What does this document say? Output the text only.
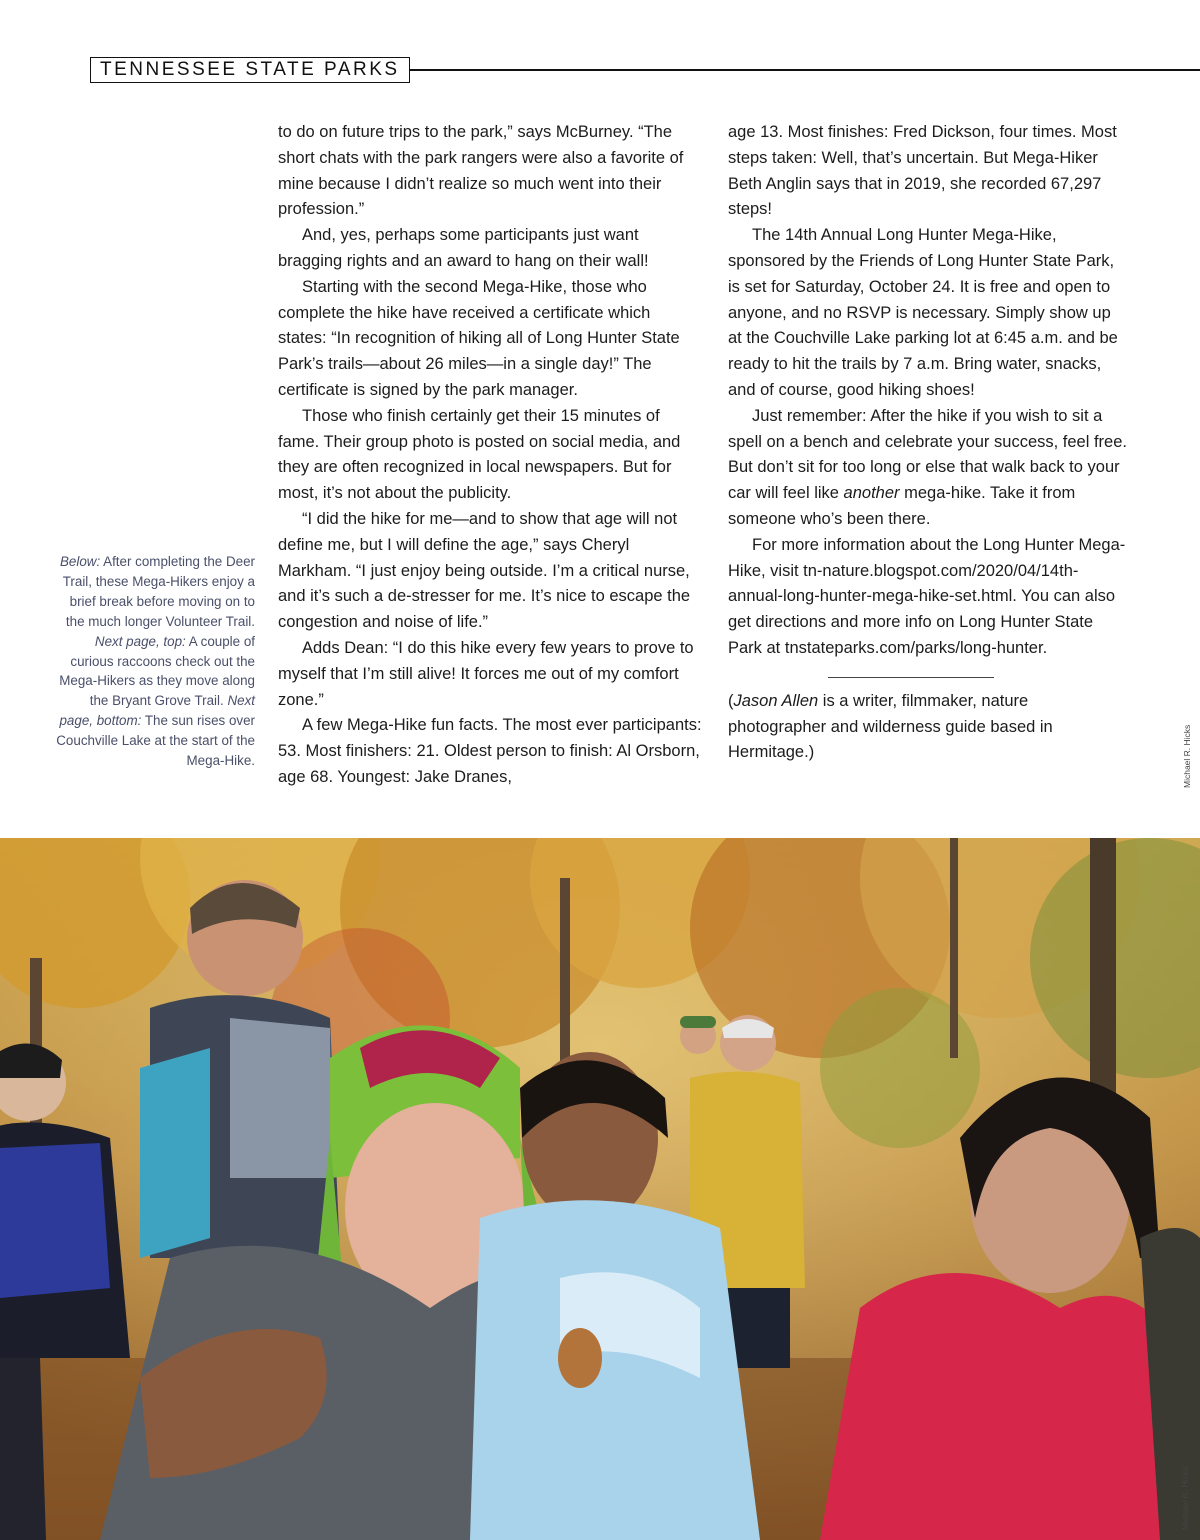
TENNESSEE STATE PARKS
Below: After completing the Deer Trail, these Mega-Hikers enjoy a brief break before moving on to the much longer Volunteer Trail. Next page, top: A couple of curious raccoons check out the Mega-Hikers as they move along the Bryant Grove Trail. Next page, bottom: The sun rises over Couchville Lake at the start of the Mega-Hike.

to do on future trips to the park,” says McBurney. “The short chats with the park rangers were also a favorite of mine because I didn’t realize so much went into their profession.”

And, yes, perhaps some participants just want bragging rights and an award to hang on their wall!

Starting with the second Mega-Hike, those who complete the hike have received a certificate which states: “In recognition of hiking all of Long Hunter State Park’s trails—about 26 miles—in a single day!” The certificate is signed by the park manager.

Those who finish certainly get their 15 minutes of fame. Their group photo is posted on social media, and they are often recognized in local newspapers. But for most, it’s not about the publicity.

“I did the hike for me—and to show that age will not define me, but I will define the age,” says Cheryl Markham. “I just enjoy being outside. I’m a critical nurse, and it’s such a de-stresser for me. It’s nice to escape the congestion and noise of life.”

Adds Dean: “I do this hike every few years to prove to myself that I’m still alive! It forces me out of my comfort zone.”

A few Mega-Hike fun facts. The most ever participants: 53. Most finishers: 21. Oldest person to finish: Al Orsborn, age 68. Youngest: Jake Dranes,

age 13. Most finishes: Fred Dickson, four times. Most steps taken: Well, that’s uncertain. But Mega-Hiker Beth Anglin says that in 2019, she recorded 67,297 steps!

The 14th Annual Long Hunter Mega-Hike, sponsored by the Friends of Long Hunter State Park, is set for Saturday, October 24. It is free and open to anyone, and no RSVP is necessary. Simply show up at the Couchville Lake parking lot at 6:45 a.m. and be ready to hit the trails by 7 a.m. Bring water, snacks, and of course, good hiking shoes!

Just remember: After the hike if you wish to sit a spell on a bench and celebrate your success, feel free. But don’t sit for too long or else that walk back to your car will feel like another mega-hike. Take it from someone who’s been there.

For more information about the Long Hunter Mega-Hike, visit tn-nature.blogspot.com/2020/04/14th-annual-long-hunter-mega-hike-set.html. You can also get directions and more info on Long Hunter State Park at tnstateparks.com/parks/long-hunter.

(Jason Allen is a writer, filmmaker, nature photographer and wilderness guide based in Hermitage.)	Michael R. Hicks
Michael R. Hicks
